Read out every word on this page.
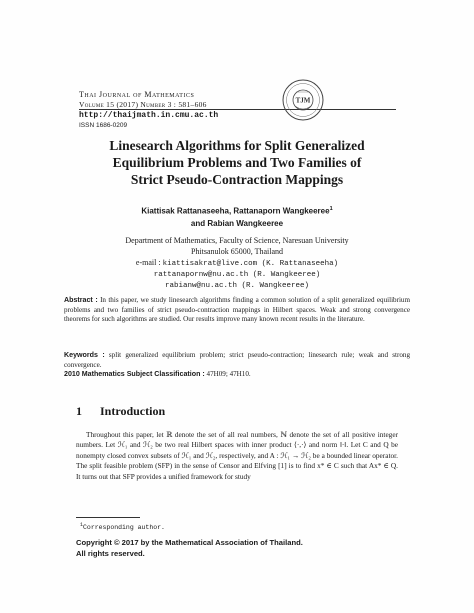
Thai Journal of Mathematics
Volume 15 (2017) Number 3 : 581–606
http://thaijmath.in.cmu.ac.th
ISSN 1686-0209
TJM
Linesearch Algorithms for Split Generalized
Equilibrium Problems and Two Families of
Strict Pseudo-Contraction Mappings
Kiattisak Rattanaseeha, Rattanaporn Wangkeeree$^1$
and Rabian Wangkeeree
Department of Mathematics, Faculty of Science, Naresuan University
Phitsanulok 65000, Thailand
e-mail : kiattisakrat@live.com (K. Rattanaseeha)
rattanapornw@nu.ac.th (R. Wangkeeree)
rabianw@nu.ac.th (R. Wangkeeree)
Abstract : In this paper, we study linesearch algorithms finding a common solution of a split generalized equilibrium problems and two families of strict pseudo-contraction mappings in Hilbert spaces. Weak and strong convergence theorems for such algorithms are studied. Our results improve many known recent results in the literature.
Keywords : split generalized equilibrium problem; strict pseudo-contraction; linesearch rule; weak and strong convergence.
2010 Mathematics Subject Classification : 47H09; 47H10.
1 Introduction
Throughout this paper, let ℝ denote the set of all real numbers, ℕ denote the set of all positive integer numbers. Let ℋ₁ and ℋ₂ be two real Hilbert spaces with inner product ⟨·,·⟩ and norm ‖·‖. Let C and Q be nonempty closed convex subsets of ℋ₁ and ℋ₂, respectively, and A : ℋ₁ → ℋ₂ be a bounded linear operator. The split feasible problem (SFP) in the sense of Censor and Elfving [1] is to find x* ∈ C such that Ax* ∈ Q. It turns out that SFP provides a unified framework for study
$^1$Corresponding author.
Copyright © 2017 by the Mathematical Association of Thailand.
All rights reserved.
